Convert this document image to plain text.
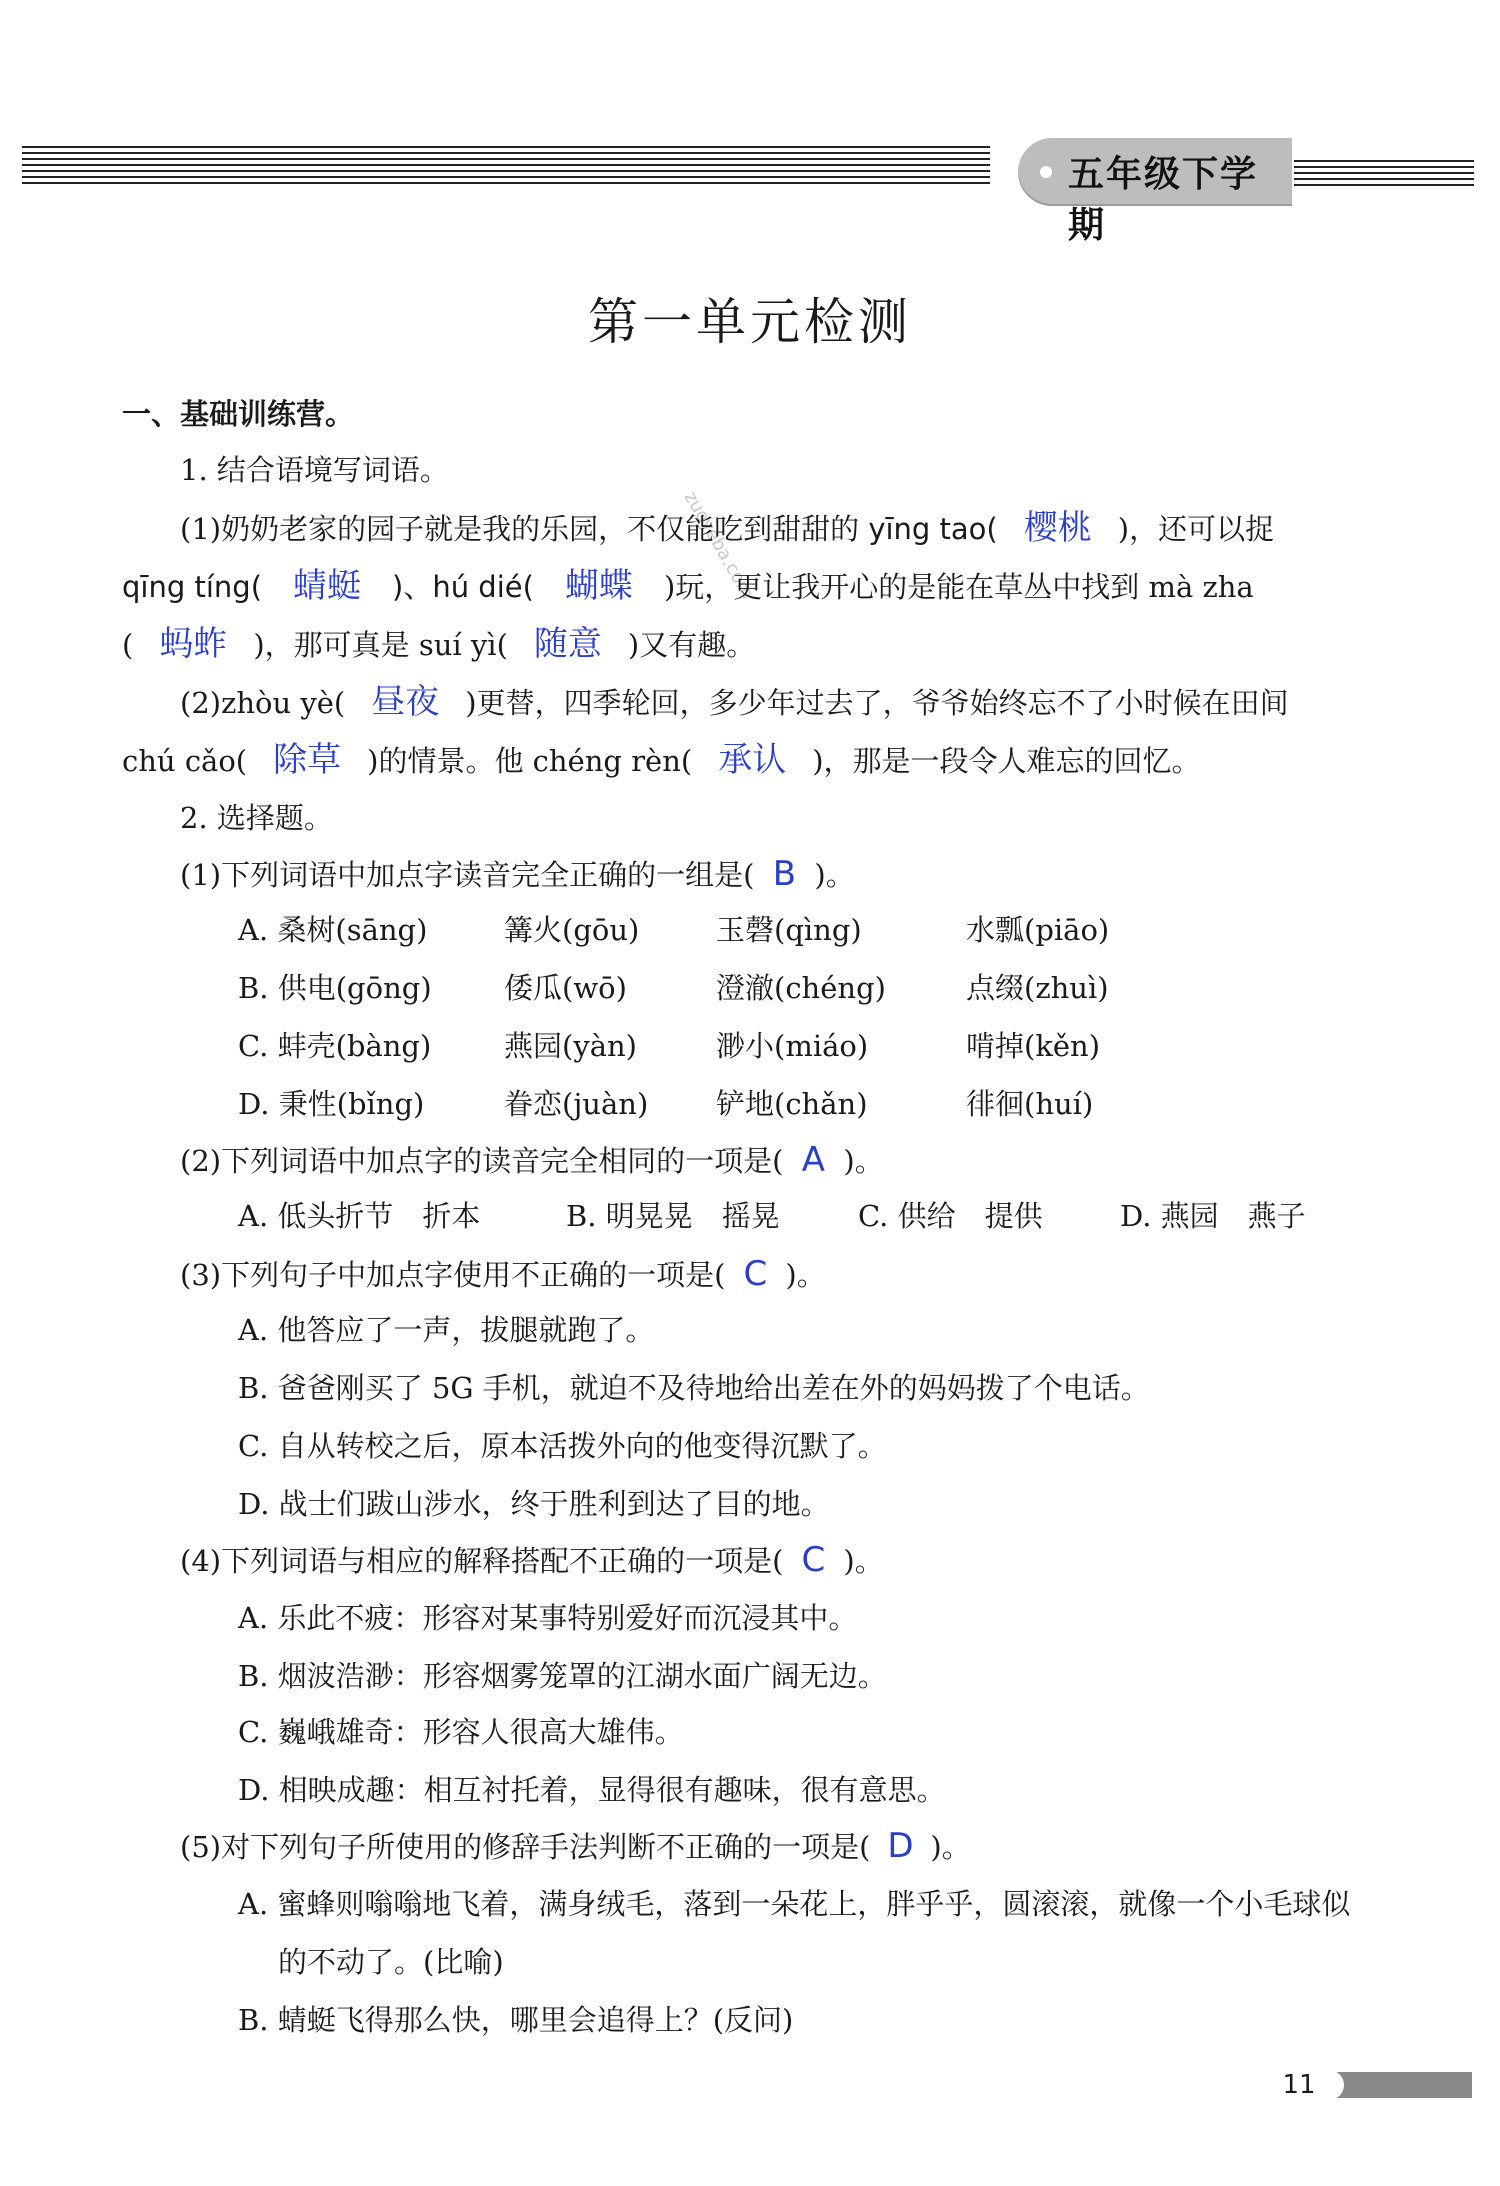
五年级下学期
第一单元检测
zuoyeba.com
一、基础训练营。
1. 结合语境写词语。
(1)奶奶老家的园子就是我的乐园，不仅能吃到甜甜的 yīng tao( 樱桃 )，还可以捉
qīng tíng( 蜻蜓 )、hú dié( 蝴蝶 )玩，更让我开心的是能在草丛中找到 mà zha
( 蚂蚱 )，那可真是 suí yì( 随意 )又有趣。
(2)zhòu yè( 昼夜 )更替，四季轮回，多少年过去了，爷爷始终忘不了小时候在田间
chú cǎo( 除草 )的情景。他 chéng rèn( 承认 )，那是一段令人难忘的回忆。
2. 选择题。
(1)下列词语中加点字读音完全正确的一组是( B )。
A. 桑树(sāng)	篝火(gōu)	玉磬(qìng)	水瓢(piāo)
B. 供电(gōng) 倭瓜(wō)	澄澈(chéng)	点缀(zhuì)
C. 蚌壳(bàng)	燕园(yàn)	渺小(miáo)	啃掉(kěn)
D. 秉性(bǐng)	眷恋(juàn) 铲地(chǎn)	徘徊(huí)
(2)下列词语中加点字的读音完全相同的一项是( A )。
A. 低头折节　折本	B. 明晃晃　摇晃	C. 供给　提供	D. 燕园　燕子
(3)下列句子中加点字使用不正确的一项是( C )。
A. 他答应了一声，拔腿就跑了。
B. 爸爸刚买了 5G 手机，就迫不及待地给出差在外的妈妈拨了个电话。
C. 自从转校之后，原本活拨外向的他变得沉默了。
D. 战士们跋山涉水，终于胜利到达了目的地。
(4)下列词语与相应的解释搭配不正确的一项是( C )。
A. 乐此不疲：形容对某事特别爱好而沉浸其中。
B. 烟波浩渺：形容烟雾笼罩的江湖水面广阔无边。
C. 巍峨雄奇：形容人很高大雄伟。
D. 相映成趣：相互衬托着，显得很有趣味，很有意思。
(5)对下列句子所使用的修辞手法判断不正确的一项是( D )。
A. 蜜蜂则嗡嗡地飞着，满身绒毛，落到一朵花上，胖乎乎，圆滚滚，就像一个小毛球似
的不动了。(比喻)
B. 蜻蜓飞得那么快，哪里会追得上？(反问)
11
